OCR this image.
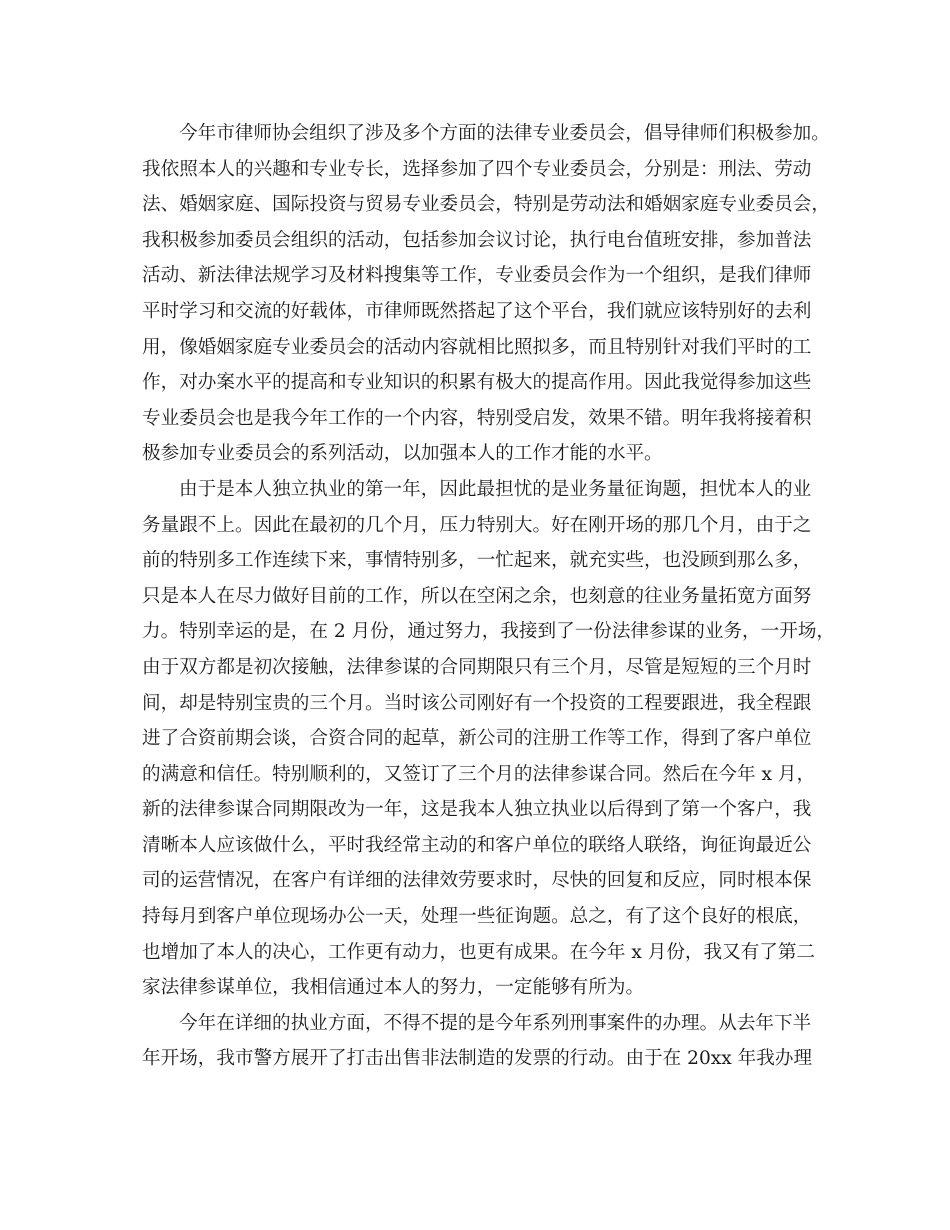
今年市律师协会组织了涉及多个方面的法律专业委员会，倡导律师们积极参加。
我依照本人的兴趣和专业专长，选择参加了四个专业委员会，分别是：刑法、劳动
法、婚姻家庭、国际投资与贸易专业委员会，特别是劳动法和婚姻家庭专业委员会，
我积极参加委员会组织的活动，包括参加会议讨论，执行电台值班安排，参加普法
活动、新法律法规学习及材料搜集等工作，专业委员会作为一个组织，是我们律师
平时学习和交流的好载体，市律师既然搭起了这个平台，我们就应该特别好的去利
用，像婚姻家庭专业委员会的活动内容就相比照拟多，而且特别针对我们平时的工
作，对办案水平的提高和专业知识的积累有极大的提高作用。因此我觉得参加这些
专业委员会也是我今年工作的一个内容，特别受启发，效果不错。明年我将接着积
极参加专业委员会的系列活动，以加强本人的工作才能的水平。
由于是本人独立执业的第一年，因此最担忧的是业务量征询题，担忧本人的业
务量跟不上。因此在最初的几个月，压力特别大。好在刚开场的那几个月，由于之
前的特别多工作连续下来，事情特别多，一忙起来，就充实些，也没顾到那么多，
只是本人在尽力做好目前的工作，所以在空闲之余，也刻意的往业务量拓宽方面努
力。特别幸运的是，在 2 月份，通过努力，我接到了一份法律参谋的业务，一开场，
由于双方都是初次接触，法律参谋的合同期限只有三个月，尽管是短短的三个月时
间，却是特别宝贵的三个月。当时该公司刚好有一个投资的工程要跟进，我全程跟
进了合资前期会谈，合资合同的起草，新公司的注册工作等工作，得到了客户单位
的满意和信任。特别顺利的，又签订了三个月的法律参谋合同。然后在今年 x 月，
新的法律参谋合同期限改为一年，这是我本人独立执业以后得到了第一个客户，我
清晰本人应该做什么，平时我经常主动的和客户单位的联络人联络，询征询最近公
司的运营情况，在客户有详细的法律效劳要求时，尽快的回复和反应，同时根本保
持每月到客户单位现场办公一天，处理一些征询题。总之，有了这个良好的根底，
也增加了本人的决心，工作更有动力，也更有成果。在今年 x 月份，我又有了第二
家法律参谋单位，我相信通过本人的努力，一定能够有所为。
今年在详细的执业方面，不得不提的是今年系列刑事案件的办理。从去年下半
年开场，我市警方展开了打击出售非法制造的发票的行动。由于在 20xx 年我办理
